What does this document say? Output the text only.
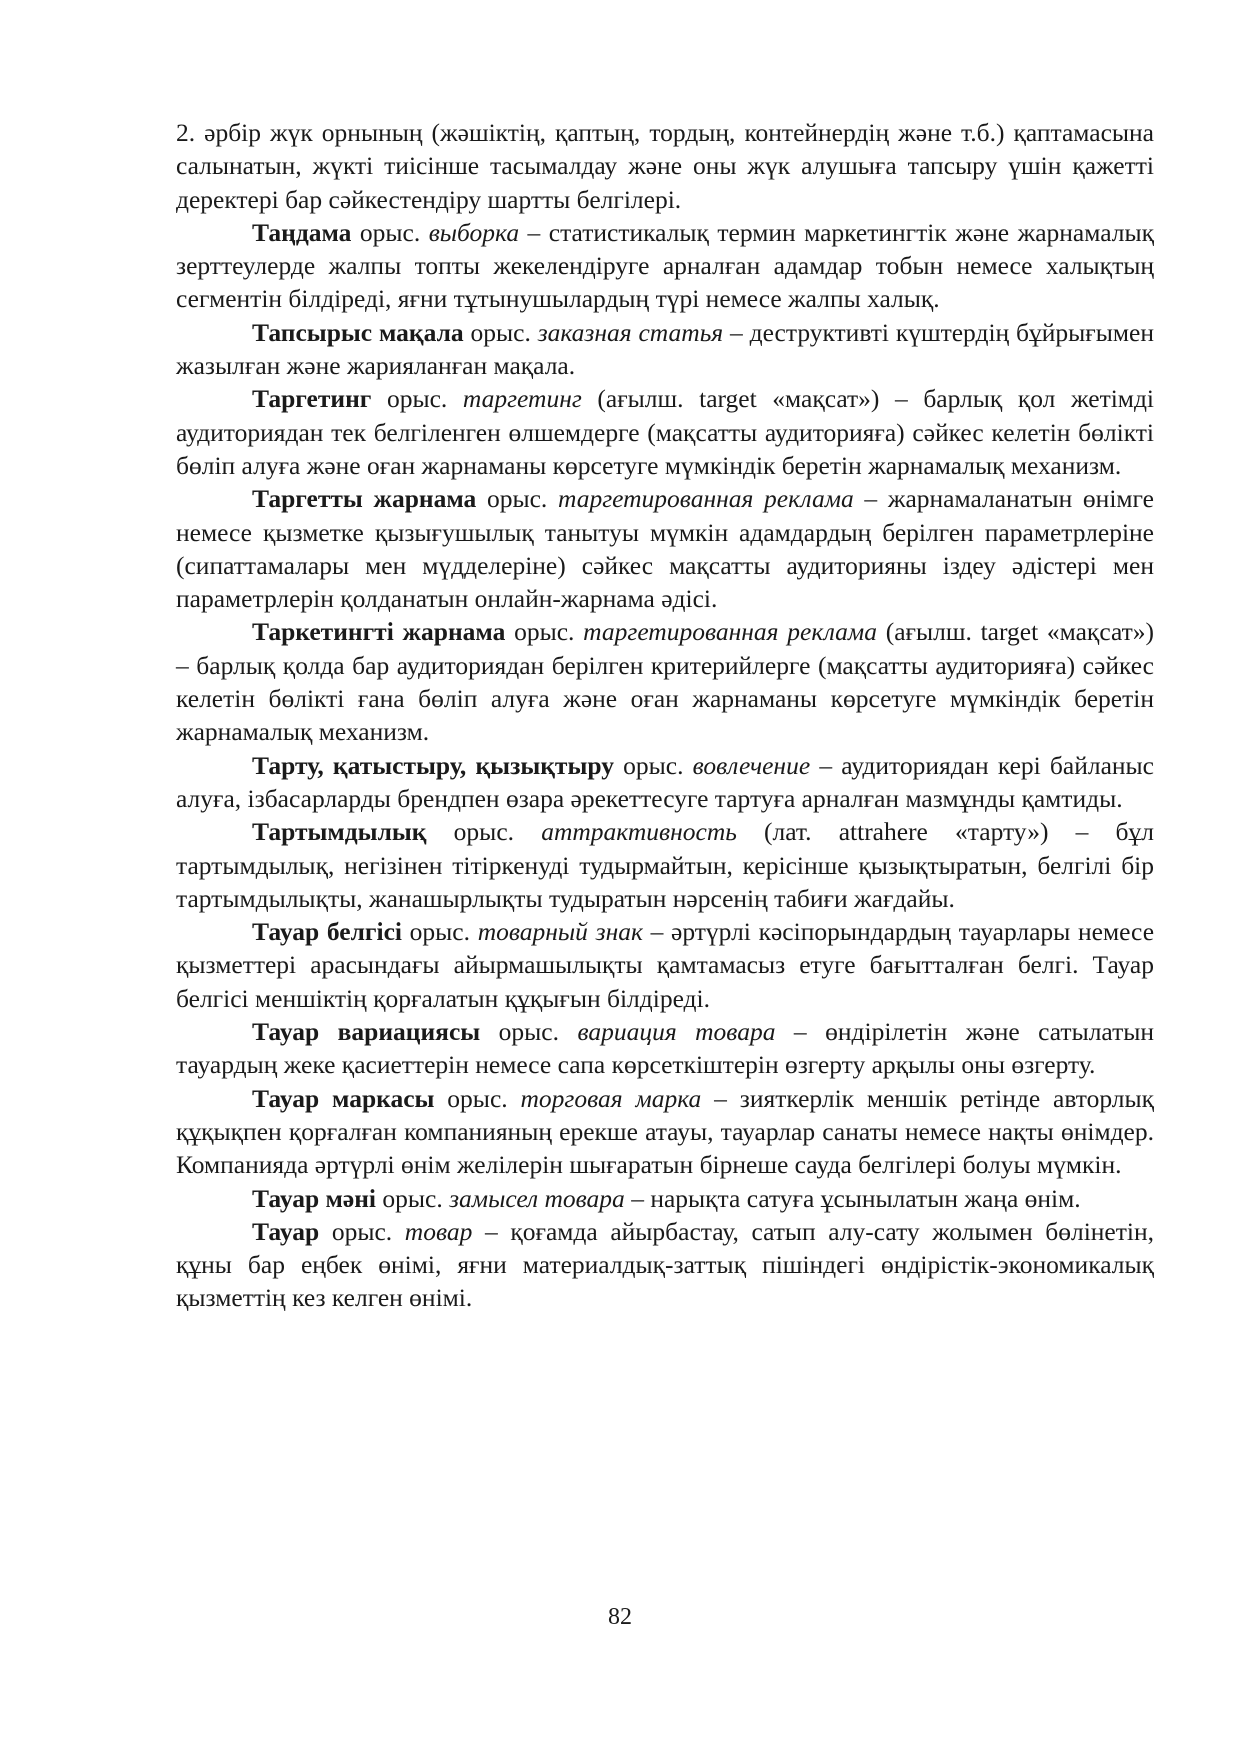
2. әрбір жүк орнының (жәшіктің, қаптың, тордың, контейнердің және т.б.) қаптамасына салынатын, жүкті тиісінше тасымалдау және оны жүк алушыға тапсыру үшін қажетті деректері бар сәйкестендіру шартты белгілері.

Таңдама орыс. выборка – статистикалық термин маркетингтік және жарнамалық зерттеулерде жалпы топты жекелендіруге арналған адамдар тобын немесе халықтың сегментін білдіреді, яғни тұтынушылардың түрі немесе жалпы халық.

Тапсырыс мақала орыс. заказная статья – деструктивті күштердің бұйрығымен жазылған және жарияланған мақала.

Таргетинг орыс. таргетинг (ағылш. target «мақсат») – барлық қол жетімді аудиториядан тек белгіленген өлшемдерге (мақсатты аудиторияға) сәйкес келетін бөлікті бөліп алуға және оған жарнаманы көрсетуге мүмкіндік беретін жарнамалық механизм.

Таргетты жарнама орыс. таргетированная реклама – жарнамаланатын өнімге немесе қызметке қызығушылық танытуы мүмкін адамдардың берілген параметрлеріне (сипаттамалары мен мүдделеріне) сәйкес мақсатты аудиторияны іздеу әдістері мен параметрлерін қолданатын онлайн-жарнама әдісі.

Таркетингті жарнама орыс. таргетированная реклама (ағылш. target «мақсат») – барлық қолда бар аудиториядан берілген критерийлерге (мақсатты аудиторияға) сәйкес келетін бөлікті ғана бөліп алуға және оған жарнаманы көрсетуге мүмкіндік беретін жарнамалық механизм.

Тарту, қатыстыру, қызықтыру орыс. вовлечение – аудиториядан кері байланыс алуға, ізбасарларды брендпен өзара әрекеттесуге тартуға арналған мазмұнды қамтиды.

Тартымдылық орыс. аттрактивность (лат. attrahere «тарту») – бұл тартымдылық, негізінен тітіркенуді тудырмайтын, керісінше қызықтыратын, белгілі бір тартымдылықты, жанашырлықты тудыратын нәрсенің табиғи жағдайы.

Тауар белгісі орыс. товарный знак – әртүрлі кәсіпорындардың тауарлары немесе қызметтері арасындағы айырмашылықты қамтамасыз етуге бағытталған белгі. Тауар белгісі меншіктің қорғалатын құқығын білдіреді.

Тауар вариациясы орыс. вариация товара – өндірілетін және сатылатын тауардың жеке қасиеттерін немесе сапа көрсеткіштерін өзгерту арқылы оны өзгерту.

Тауар маркасы орыс. торговая марка – зияткерлік меншік ретінде авторлық құқықпен қорғалған компанияның ерекше атауы, тауарлар санаты немесе нақты өнімдер. Компанияда әртүрлі өнім желілерін шығаратын бірнеше сауда белгілері болуы мүмкін.

Тауар мәні орыс. замысел товара – нарықта сатуға ұсынылатын жаңа өнім.

Тауар орыс. товар – қоғамда айырбастау, сатып алу-сату жолымен бөлінетін, құны бар еңбек өнімі, яғни материалдық-заттық пішіндегі өндірістік-экономикалық қызметтің кез келген өнімі.

82
